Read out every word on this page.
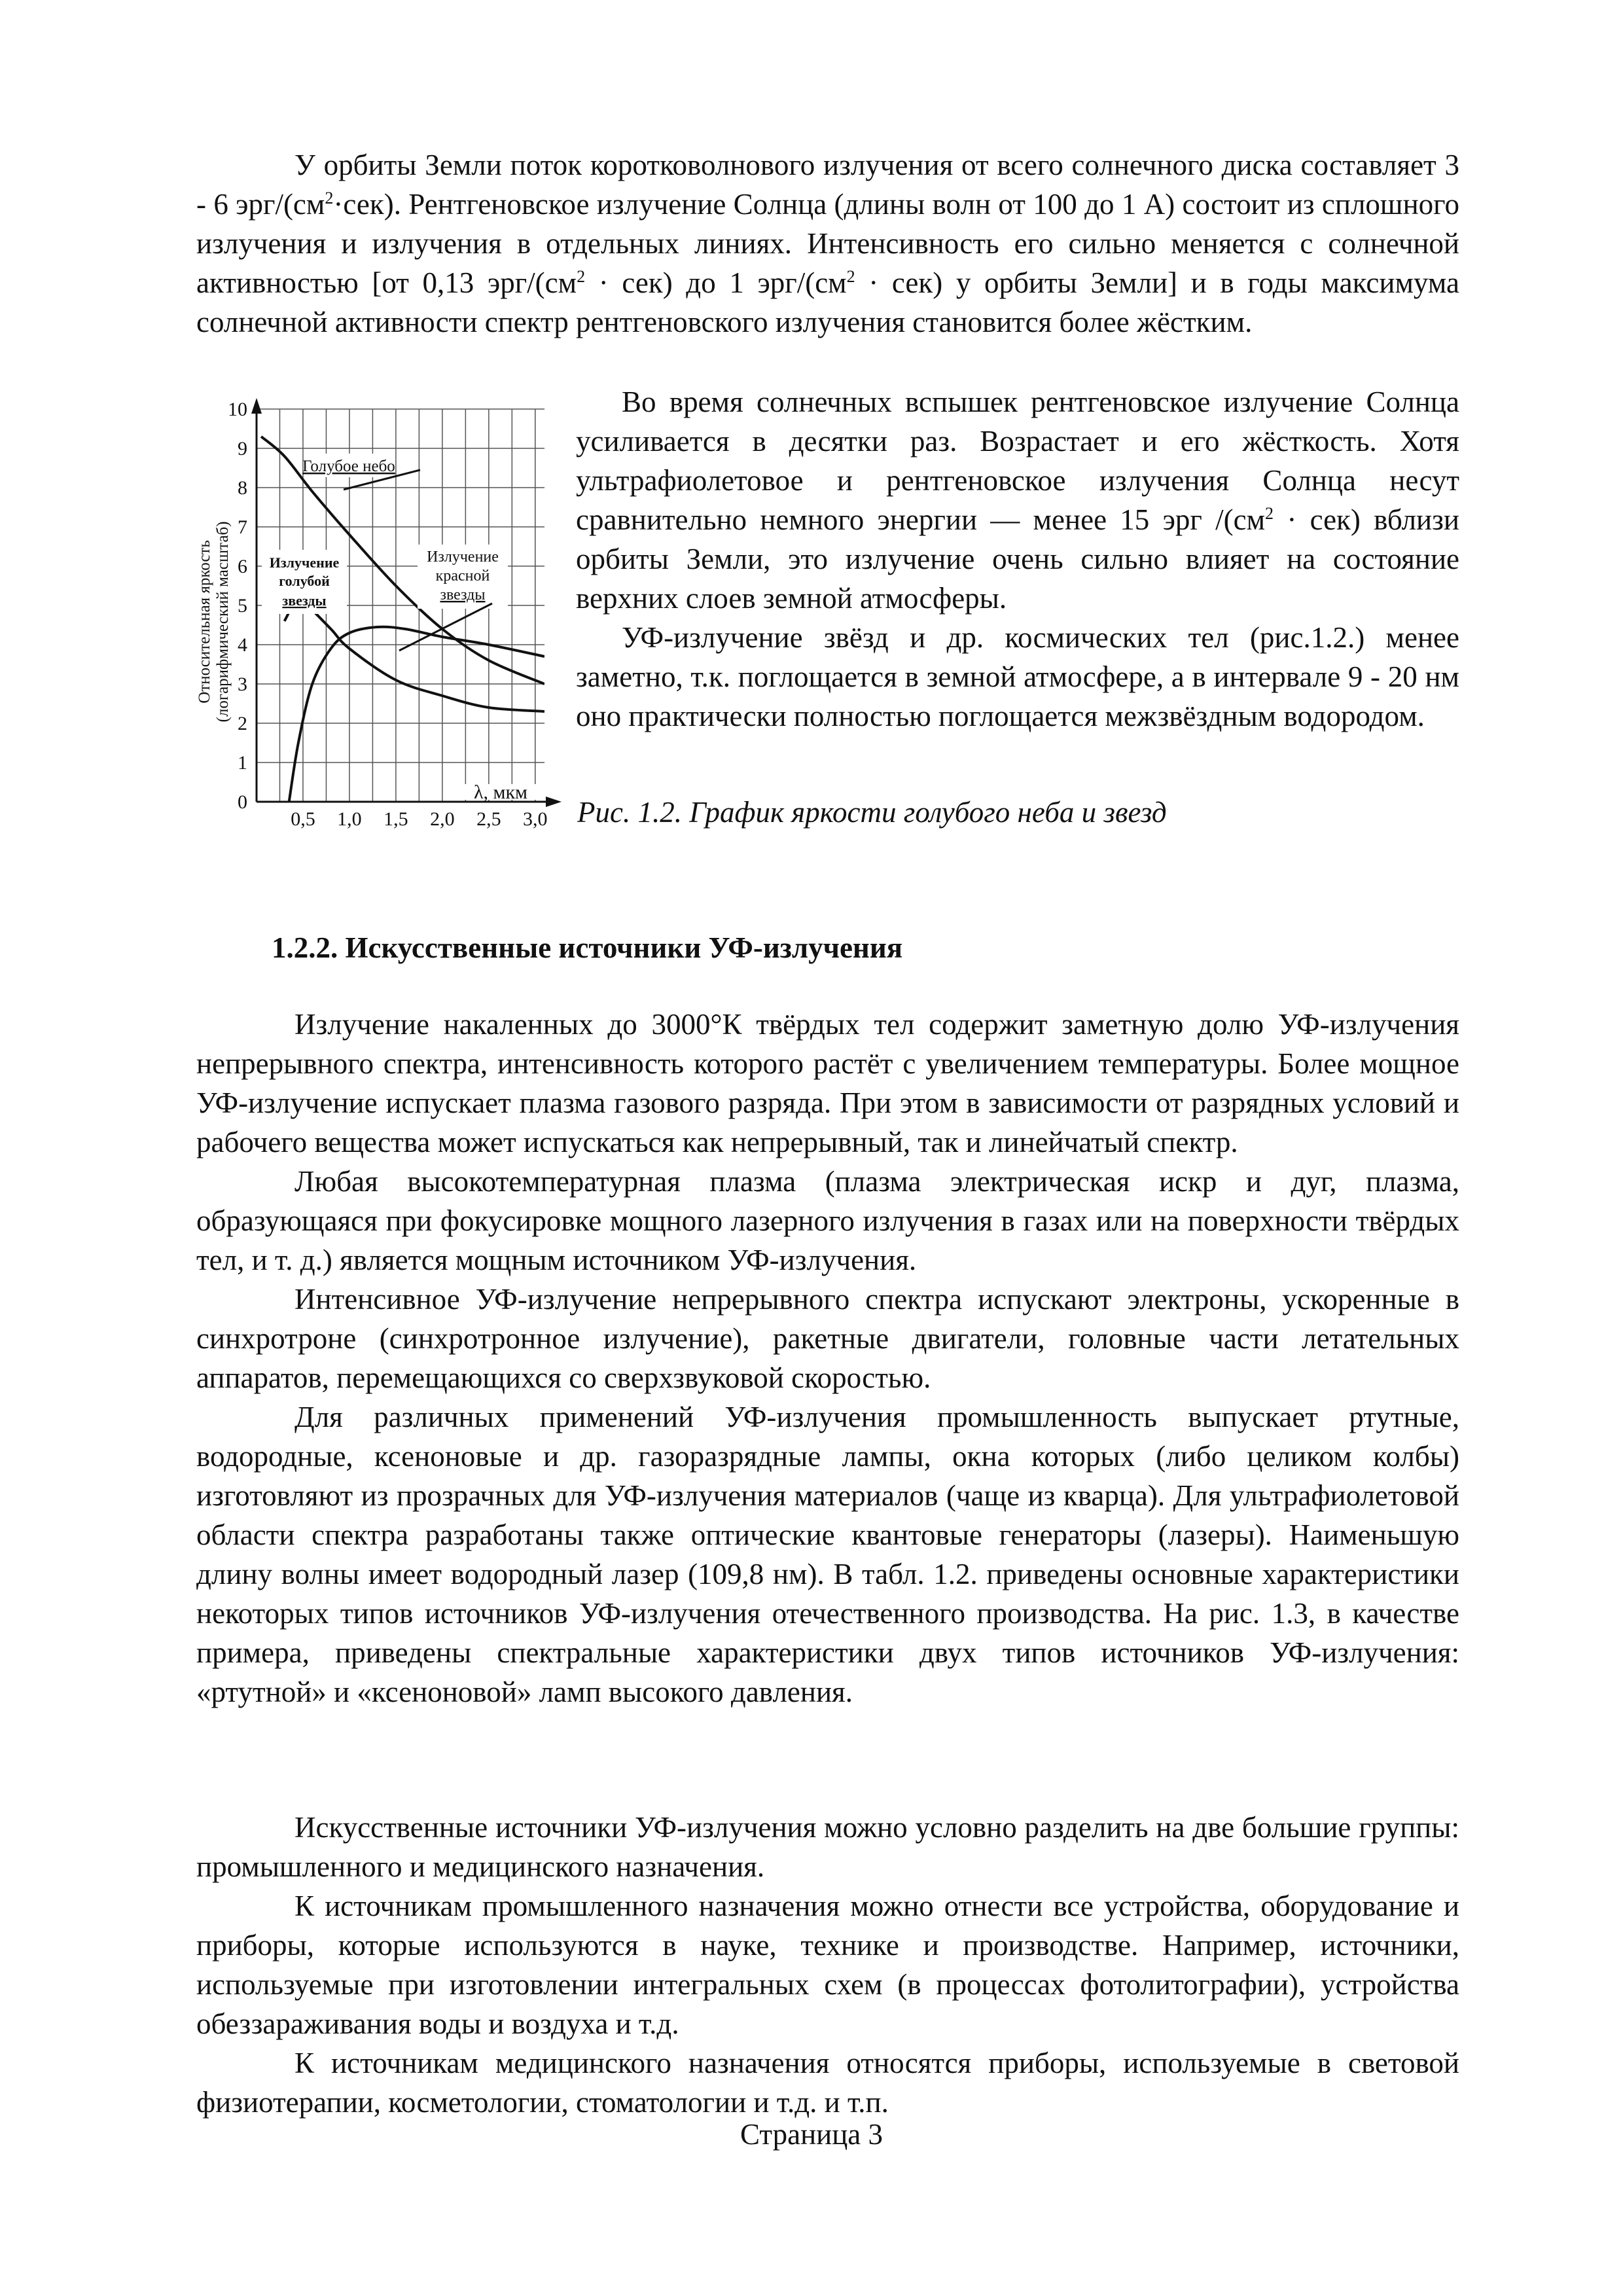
У орбиты Земли поток коротковолнового излучения от всего солнечного диска составляет 3 - 6 эрг/$(см^2\cdot сек)$. Рентгеновское излучение Солнца (длины волн от 100 до 1 А) состоит из сплошного излучения и излучения в отдельных линиях. Интенсивность его сильно меняется с солнечной активностью [от 0,13 эрг/$(см^2 \cdot сек)$ до 1 эрг/$(см^2 \cdot сек)$ у орбиты Земли] и в годы максимума солнечной активности спектр рентгеновского излучения становится более жёстким.

0
1
2
3
4
5
6
7
8
9
10
0,5 1,0 1,5 2,0 2,5 3,0
Голубое небо
Излучение
голубой
звезды
Излучение
красной
звезды
λ, мкм
Относительная яркость (логарифмический масштаб)

Во время солнечных вспышек рентгеновское излучение Солнца усиливается в десятки раз. Возрастает и его жёсткость. Хотя ультрафиолетовое и рентгеновское излучения Солнца несут сравнительно немного энергии — менее 15 эрг $/(см^2 \cdot сек)$ вблизи орбиты Земли, это излучение очень сильно влияет на состояние верхних слоев земной атмосферы.

УФ-излучение звёзд и др. космических тел (рис.1.2.) менее заметно, т.к. поглощается в земной атмосфере, а в интервале 9 - 20 нм оно практически полностью поглощается межзвёздным водородом.

Рис. 1.2. График яркости голубого неба и звезд
1.2.2. Искусственные источники УФ-излучения

Излучение накаленных до 3000°К твёрдых тел содержит заметную долю УФ-излучения непрерывного спектра, интенсивность которого растёт с увеличением температуры. Более мощное УФ-излучение испускает плазма газового разряда. При этом в зависимости от разрядных условий и рабочего вещества может испускаться как непрерывный, так и линейчатый спектр.

Любая высокотемпературная плазма (плазма электрическая искр и дуг, плазма, образующаяся при фокусировке мощного лазерного излучения в газах или на поверхности твёрдых тел, и т. д.) является мощным источником УФ-излучения.

Интенсивное УФ-излучение непрерывного спектра испускают электроны, ускоренные в синхротроне (синхротронное излучение), ракетные двигатели, головные части летательных аппаратов, перемещающихся со сверхзвуковой скоростью.

Для различных применений УФ-излучения промышленность выпускает ртутные, водородные, ксеноновые и др. газоразрядные лампы, окна которых (либо целиком колбы) изготовляют из прозрачных для УФ-излучения материалов (чаще из кварца). Для ультрафиолетовой области спектра разработаны также оптические квантовые генераторы (лазеры). Наименьшую длину волны имеет водородный лазер (109,8 нм). В табл. 1.2. приведены основные характеристики некоторых типов источников УФ-излучения отечественного производства. На рис. 1.3, в качестве примера, приведены спектральные характеристики двух типов источников УФ-излучения: «ртутной» и «ксеноновой» ламп высокого давления.

Искусственные источники УФ-излучения можно условно разделить на две большие группы: промышленного и медицинского назначения.

К источникам промышленного назначения можно отнести все устройства, оборудование и приборы, которые используются в науке, технике и производстве. Например, источники, используемые при изготовлении интегральных схем (в процессах фотолитографии), устройства обеззараживания воды и воздуха и т.д.

К источникам медицинского назначения относятся приборы, используемые в световой физиотерапии, косметологии, стоматологии и т.д. и т.п.

Страница 3
